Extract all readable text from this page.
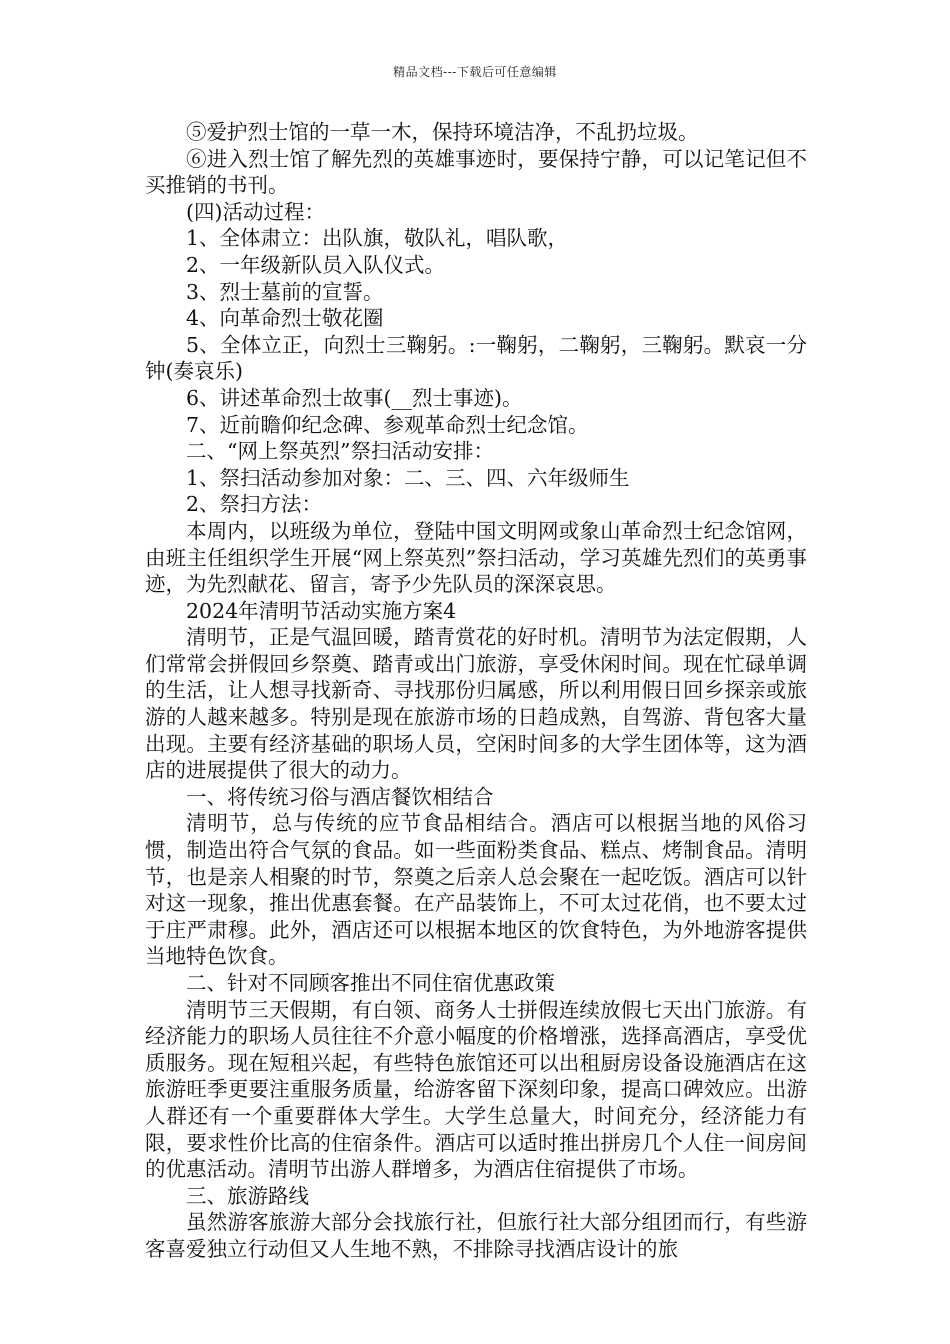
精品文档---下载后可任意编辑

⑤爱护烈士馆的一草一木，保持环境洁净，不乱扔垃圾。

⑥进入烈士馆了解先烈的英雄事迹时，要保持宁静，可以记笔记但不买推销的书刊。

(四)活动过程：

1、全体肃立：出队旗，敬队礼，唱队歌，

2、一年级新队员入队仪式。

3、烈士墓前的宣誓。

4、向革命烈士敬花圈

5、全体立正，向烈士三鞠躬。:一鞠躬，二鞠躬，三鞠躬。默哀一分钟(奏哀乐)

6、讲述革命烈士故事(__烈士事迹)。

7、近前瞻仰纪念碑、参观革命烈士纪念馆。

二、“网上祭英烈”祭扫活动安排：

1、祭扫活动参加对象：二、三、四、六年级师生

2、祭扫方法：

本周内，以班级为单位，登陆中国文明网或象山革命烈士纪念馆网，由班主任组织学生开展“网上祭英烈”祭扫活动，学习英雄先烈们的英勇事迹，为先烈献花、留言，寄予少先队员的深深哀思。

2024年清明节活动实施方案4

清明节，正是气温回暖，踏青赏花的好时机。清明节为法定假期，人们常常会拼假回乡祭奠、踏青或出门旅游，享受休闲时间。现在忙碌单调的生活，让人想寻找新奇、寻找那份归属感，所以利用假日回乡探亲或旅游的人越来越多。特别是现在旅游市场的日趋成熟，自驾游、背包客大量出现。主要有经济基础的职场人员，空闲时间多的大学生团体等，这为酒店的进展提供了很大的动力。

一、将传统习俗与酒店餐饮相结合

清明节，总与传统的应节食品相结合。酒店可以根据当地的风俗习惯，制造出符合气氛的食品。如一些面粉类食品、糕点、烤制食品。清明节，也是亲人相聚的时节，祭奠之后亲人总会聚在一起吃饭。酒店可以针对这一现象，推出优惠套餐。在产品装饰上，不可太过花俏，也不要太过于庄严肃穆。此外，酒店还可以根据本地区的饮食特色，为外地游客提供当地特色饮食。

二、针对不同顾客推出不同住宿优惠政策

清明节三天假期，有白领、商务人士拼假连续放假七天出门旅游。有经济能力的职场人员往往不介意小幅度的价格增涨，选择高酒店，享受优质服务。现在短租兴起，有些特色旅馆还可以出租厨房设备设施酒店在这旅游旺季更要注重服务质量，给游客留下深刻印象，提高口碑效应。出游人群还有一个重要群体大学生。大学生总量大，时间充分，经济能力有限，要求性价比高的住宿条件。酒店可以适时推出拼房几个人住一间房间的优惠活动。清明节出游人群增多，为酒店住宿提供了市场。

三、旅游路线

虽然游客旅游大部分会找旅行社，但旅行社大部分组团而行，有些游客喜爱独立行动但又人生地不熟，不排除寻找酒店设计的旅
